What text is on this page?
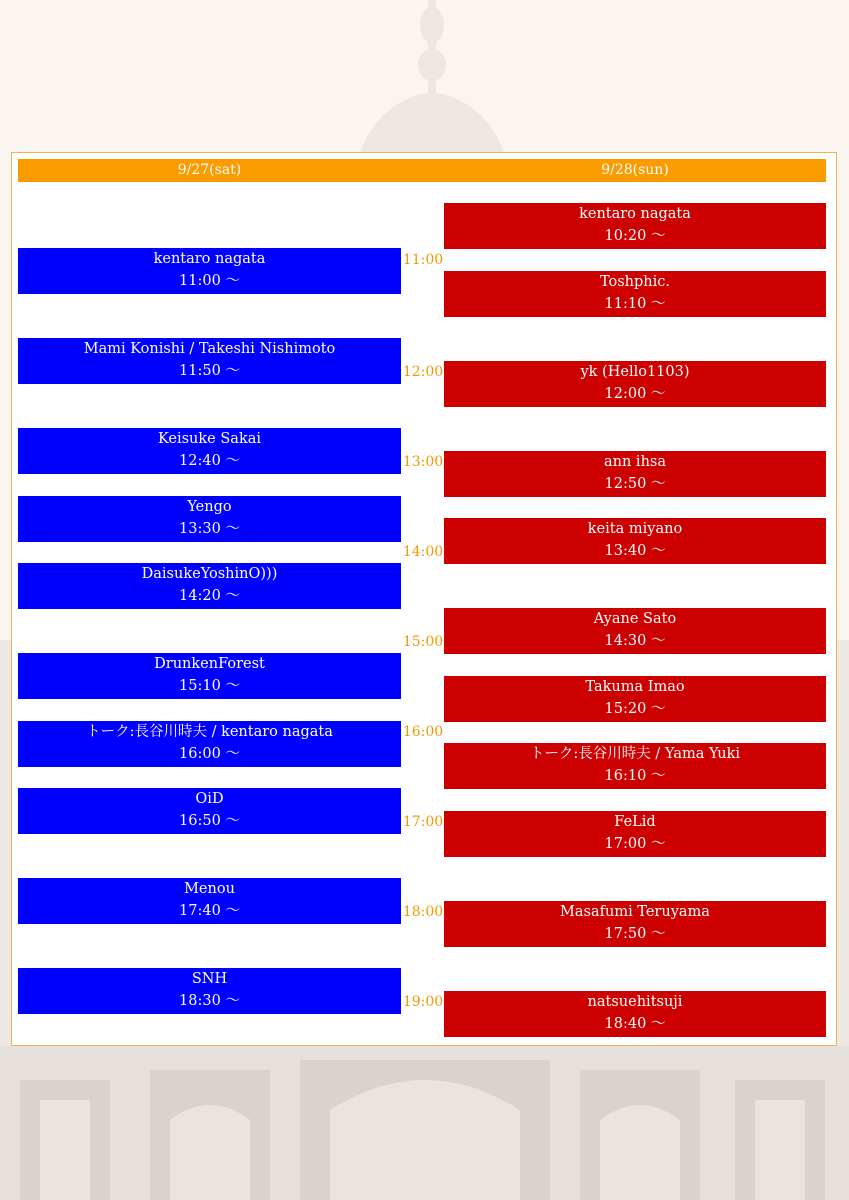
9/27(sat)	9/28(sun)
11:00
12:00
13:00
14:00
15:00
16:00
17:00
18:00
19:00
kentaro nagata
11:00 〜
Mami Konishi / Takeshi Nishimoto
11:50 〜
Keisuke Sakai
12:40 〜
Yengo
13:30 〜
DaisukeYoshinO)))
14:20 〜
DrunkenForest
15:10 〜
トーク:長谷川時夫 / kentaro nagata
16:00 〜
OiD
16:50 〜
Menou
17:40 〜
SNH
18:30 〜
kentaro nagata
10:20 〜
Toshphic.
11:10 〜
yk (Hello1103)
12:00 〜
ann ihsa
12:50 〜
keita miyano
13:40 〜
Ayane Sato
14:30 〜
Takuma Imao
15:20 〜
トーク:長谷川時夫 / Yama Yuki
16:10 〜
FeLid
17:00 〜
Masafumi Teruyama
17:50 〜
natsuehitsuji
18:40 〜
